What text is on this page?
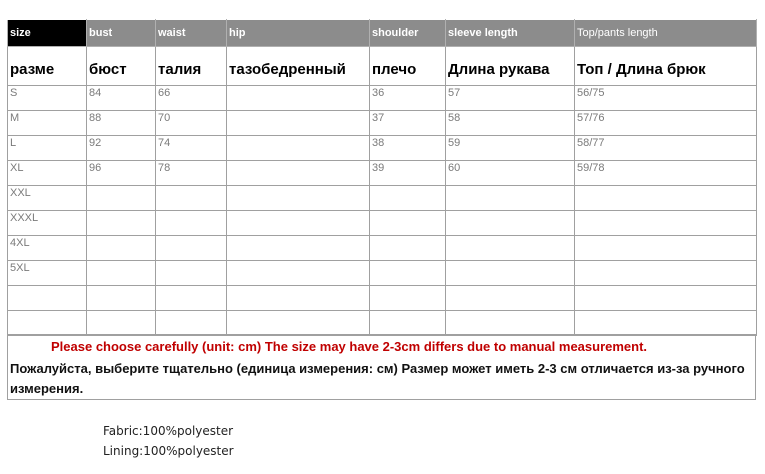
size	bust	waist	hip	shoulder	sleeve length	Top/pants length
разме	бюст	талия	тазобедренный	плечо	Длина рукава	Топ / Длина брюк
S	84	66		36	57	56/75
M	88	70		37	58	57/76
L	92	74		38	59	58/77
XL	96	78		39	60	59/78
XXL						
XXXL						
4XL						
5XL						

Please choose carefully (unit: cm) The size may have 2-3cm differs due to manual measurement.
Пожалуйста, выберите тщательно (единица измерения: см) Размер может иметь 2-3 см отличается из-за ручного измерения.
Fabric:100%polyester
Lining:100%polyester
